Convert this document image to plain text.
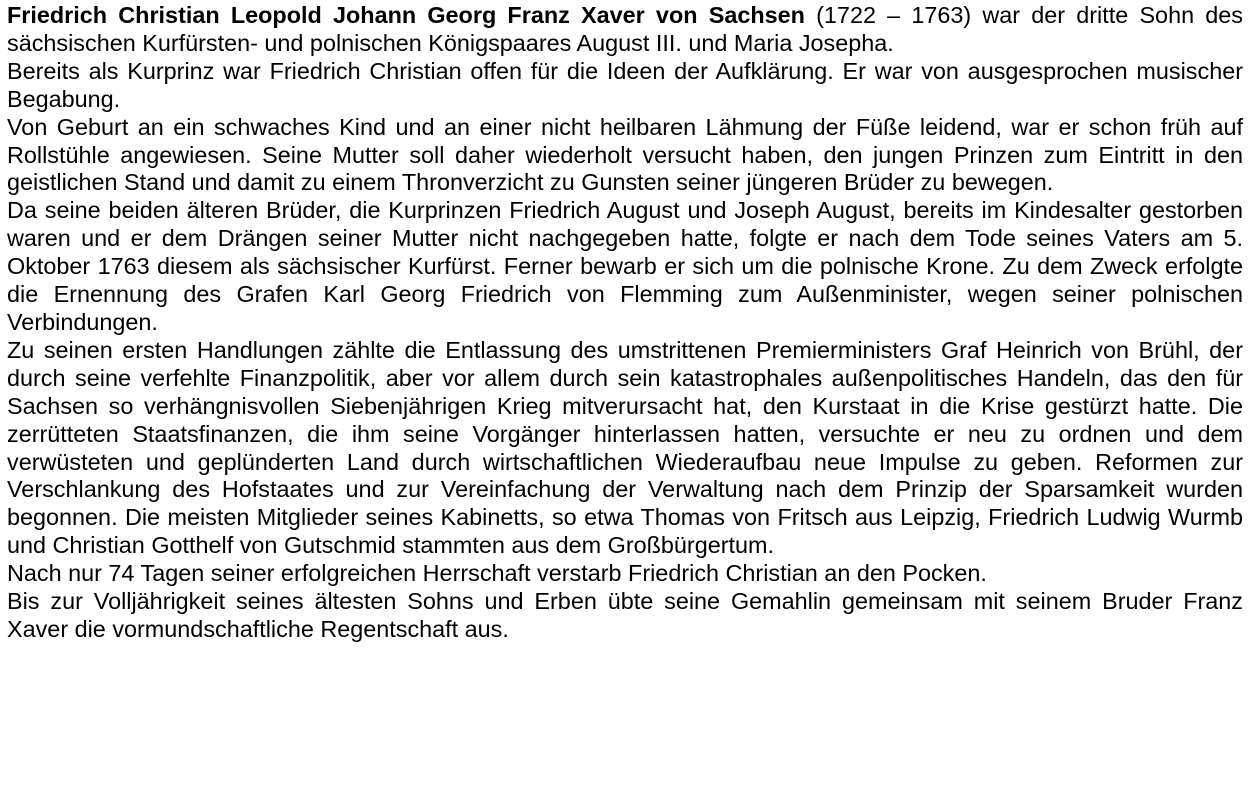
Friedrich Christian Leopold Johann Georg Franz Xaver von Sachsen (1722 – 1763) war der dritte Sohn des sächsischen Kurfürsten- und polnischen Königspaares August III. und Maria Josepha.

Bereits als Kurprinz war Friedrich Christian offen für die Ideen der Aufklärung. Er war von ausgesprochen musischer Begabung.

Von Geburt an ein schwaches Kind und an einer nicht heilbaren Lähmung der Füße leidend, war er schon früh auf Rollstühle angewiesen. Seine Mutter soll daher wiederholt versucht haben, den jungen Prinzen zum Eintritt in den geistlichen Stand und damit zu einem Thronverzicht zu Gunsten seiner jüngeren Brüder zu bewegen.

Da seine beiden älteren Brüder, die Kurprinzen Friedrich August und Joseph August, bereits im Kindesalter gestorben waren und er dem Drängen seiner Mutter nicht nachgegeben hatte, folgte er nach dem Tode seines Vaters am 5. Oktober 1763 diesem als sächsischer Kurfürst. Ferner bewarb er sich um die polnische Krone. Zu dem Zweck erfolgte die Ernennung des Grafen Karl Georg Friedrich von Flemming zum Außenminister, wegen seiner polnischen Verbindungen.

Zu seinen ersten Handlungen zählte die Entlassung des umstrittenen Premierministers Graf Heinrich von Brühl, der durch seine verfehlte Finanzpolitik, aber vor allem durch sein katastrophales außenpolitisches Handeln, das den für Sachsen so verhängnisvollen Siebenjährigen Krieg mitverursacht hat, den Kurstaat in die Krise gestürzt hatte. Die zerrütteten Staatsfinanzen, die ihm seine Vorgänger hinterlassen hatten, versuchte er neu zu ordnen und dem verwüsteten und geplünderten Land durch wirtschaftlichen Wiederaufbau neue Impulse zu geben. Reformen zur Verschlankung des Hofstaates und zur Vereinfachung der Verwaltung nach dem Prinzip der Sparsamkeit wurden begonnen. Die meisten Mitglieder seines Kabinetts, so etwa Thomas von Fritsch aus Leipzig, Friedrich Ludwig Wurmb und Christian Gotthelf von Gutschmid stammten aus dem Großbürgertum.

Nach nur 74 Tagen seiner erfolgreichen Herrschaft verstarb Friedrich Christian an den Pocken.

Bis zur Volljährigkeit seines ältesten Sohns und Erben übte seine Gemahlin gemeinsam mit seinem Bruder Franz Xaver die vormundschaftliche Regentschaft aus.
